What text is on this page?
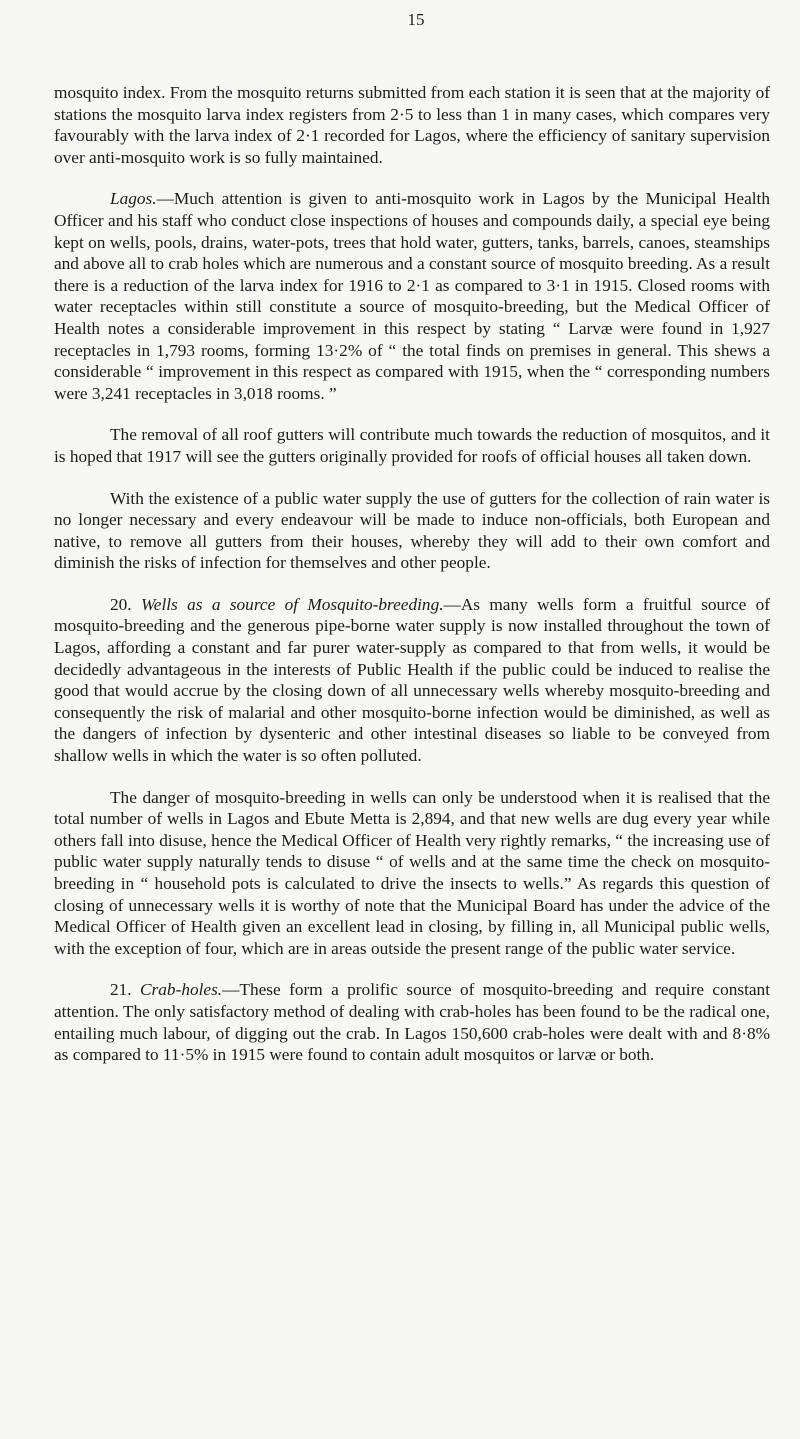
15

mosquito index. From the mosquito returns submitted from each station it is seen that at the majority of stations the mosquito larva index registers from 2·5 to less than 1 in many cases, which compares very favourably with the larva index of 2·1 recorded for Lagos, where the efficiency of sanitary supervision over anti-mosquito work is so fully maintained.

Lagos.—Much attention is given to anti-mosquito work in Lagos by the Municipal Health Officer and his staff who conduct close inspections of houses and compounds daily, a special eye being kept on wells, pools, drains, water-pots, trees that hold water, gutters, tanks, barrels, canoes, steamships and above all to crab holes which are numerous and a constant source of mosquito breeding. As a result there is a reduction of the larva index for 1916 to 2·1 as compared to 3·1 in 1915. Closed rooms with water receptacles within still constitute a source of mosquito-breeding, but the Medical Officer of Health notes a considerable improvement in this respect by stating “ Larvæ were found in 1,927 receptacles in 1,793 rooms, forming 13·2% of “ the total finds on premises in general. This shews a considerable “ improvement in this respect as compared with 1915, when the “ corresponding numbers were 3,241 receptacles in 3,018 rooms. ”

The removal of all roof gutters will contribute much towards the reduction of mosquitos, and it is hoped that 1917 will see the gutters originally provided for roofs of official houses all taken down.

With the existence of a public water supply the use of gutters for the collection of rain water is no longer necessary and every endeavour will be made to induce non-officials, both European and native, to remove all gutters from their houses, whereby they will add to their own comfort and diminish the risks of infection for themselves and other people.

20. Wells as a source of Mosquito-breeding.—As many wells form a fruitful source of mosquito-breeding and the generous pipe-borne water supply is now installed throughout the town of Lagos, affording a constant and far purer water-supply as compared to that from wells, it would be decidedly advantageous in the interests of Public Health if the public could be induced to realise the good that would accrue by the closing down of all unnecessary wells whereby mosquito-breeding and consequently the risk of malarial and other mosquito-borne infection would be diminished, as well as the dangers of infection by dysenteric and other intestinal diseases so liable to be conveyed from shallow wells in which the water is so often polluted.

The danger of mosquito-breeding in wells can only be understood when it is realised that the total number of wells in Lagos and Ebute Metta is 2,894, and that new wells are dug every year while others fall into disuse, hence the Medical Officer of Health very rightly remarks, “ the increasing use of public water supply naturally tends to disuse “ of wells and at the same time the check on mosquito-breeding in “ household pots is calculated to drive the insects to wells.” As regards this question of closing of unnecessary wells it is worthy of note that the Municipal Board has under the advice of the Medical Officer of Health given an excellent lead in closing, by filling in, all Municipal public wells, with the exception of four, which are in areas outside the present range of the public water service.

21. Crab-holes.—These form a prolific source of mosquito-breeding and require constant attention. The only satisfactory method of dealing with crab-holes has been found to be the radical one, entailing much labour, of digging out the crab. In Lagos 150,600 crab-holes were dealt with and 8·8% as compared to 11·5% in 1915 were found to contain adult mosquitos or larvæ or both.
